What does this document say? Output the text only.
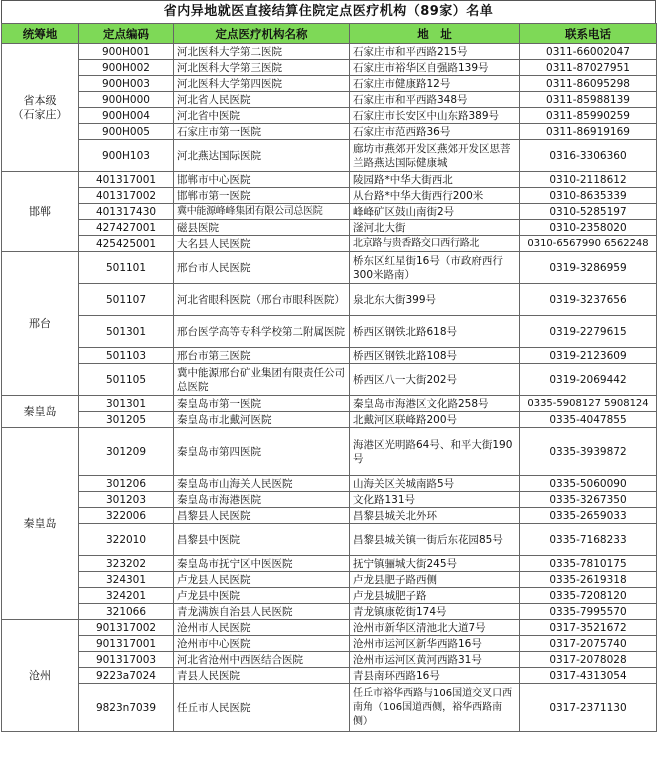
省内异地就医直接结算住院定点医疗机构（89家）名单
统筹地	定点编码	定点医疗机构名称	地　址	联系电话

省本级
（石家庄）	900H001	河北医科大学第二医院	石家庄市和平西路215号	0311-66002047
	900H002	河北医科大学第三医院	石家庄市裕华区自强路139号	0311-87027951
	900H003	河北医科大学第四医院	石家庄市健康路12号	0311-86095298
	900H000	河北省人民医院	石家庄市和平西路348号	0311-85988139
	900H004	河北省中医院	石家庄市长安区中山东路389号	0311-85990259
	900H005	石家庄市第一医院	石家庄市范西路36号	0311-86919169
	900H103	河北燕达国际医院	廊坊市燕郊开发区燕郊开发区思菩兰路燕达国际健康城	0316-3306360
邯郸	401317001	邯郸市中心医院	陵园路*中华大街西北	0310-2118612
	401317002	邯郸市第一医院	从台路*中华大街西行200米	0310-8635339
	401317430	冀中能源峰峰集团有限公司总医院	峰峰矿区鼓山南街2号	0310-5285197
	427427001	磁县医院	滏河北大街	0310-2358020
	425425001	大名县人民医院	北京路与贵香路交口西行路北	0310-6567990 6562248
邢台	501101	邢台市人民医院	桥东区红星街16号（市政府西行300米路南）	0319-3286959
	501107	河北省眼科医院（邢台市眼科医院）	泉北东大街399号	0319-3237656
	501301	邢台医学高等专科学校第二附属医院	桥西区钢铁北路618号	0319-2279615
	501103	邢台市第三医院	桥西区钢铁北路108号	0319-2123609
	501105	冀中能源邢台矿业集团有限责任公司总医院	桥西区八一大街202号	0319-2069442
秦皇岛	301301	秦皇岛市第一医院	秦皇岛市海港区文化路258号	0335-5908127 5908124
	301205	秦皇岛市北戴河医院	北戴河区联峰路200号	0335-4047855
秦皇岛	301209	秦皇岛市第四医院	海港区光明路64号、和平大街190号	0335-3939872
	301206	秦皇岛市山海关人民医院	山海关区关城南路5号	0335-5060090
	301203	秦皇岛市海港医院	文化路131号	0335-3267350
	322006	昌黎县人民医院	昌黎县城关北外环	0335-2659033
	322010	昌黎县中医院	昌黎县城关镇一街后东花园85号	0335-7168233
	323202	秦皇岛市抚宁区中医医院	抚宁镇骊城大街245号	0335-7810175
	324301	卢龙县人民医院	卢龙县肥子路西侧	0335-2619318
	324201	卢龙县中医院	卢龙县城肥子路	0335-7208120
	321066	青龙满族自治县人民医院	青龙镇康乾街174号	0335-7995570
沧州	901317002	沧州市人民医院	沧州市新华区清池北大道7号	0317-3521672
	901317001	沧州市中心医院	沧州市运河区新华西路16号	0317-2075740
	901317003	河北省沧州中西医结合医院	沧州市运河区黄河西路31号	0317-2078028
	9223a7024	青县人民医院	青县南环西路16号	0317-4313054
	9823n7039	任丘市人民医院	任丘市裕华西路与106国道交叉口西南角（106国道西侧，裕华西路南侧）	0317-2371130
